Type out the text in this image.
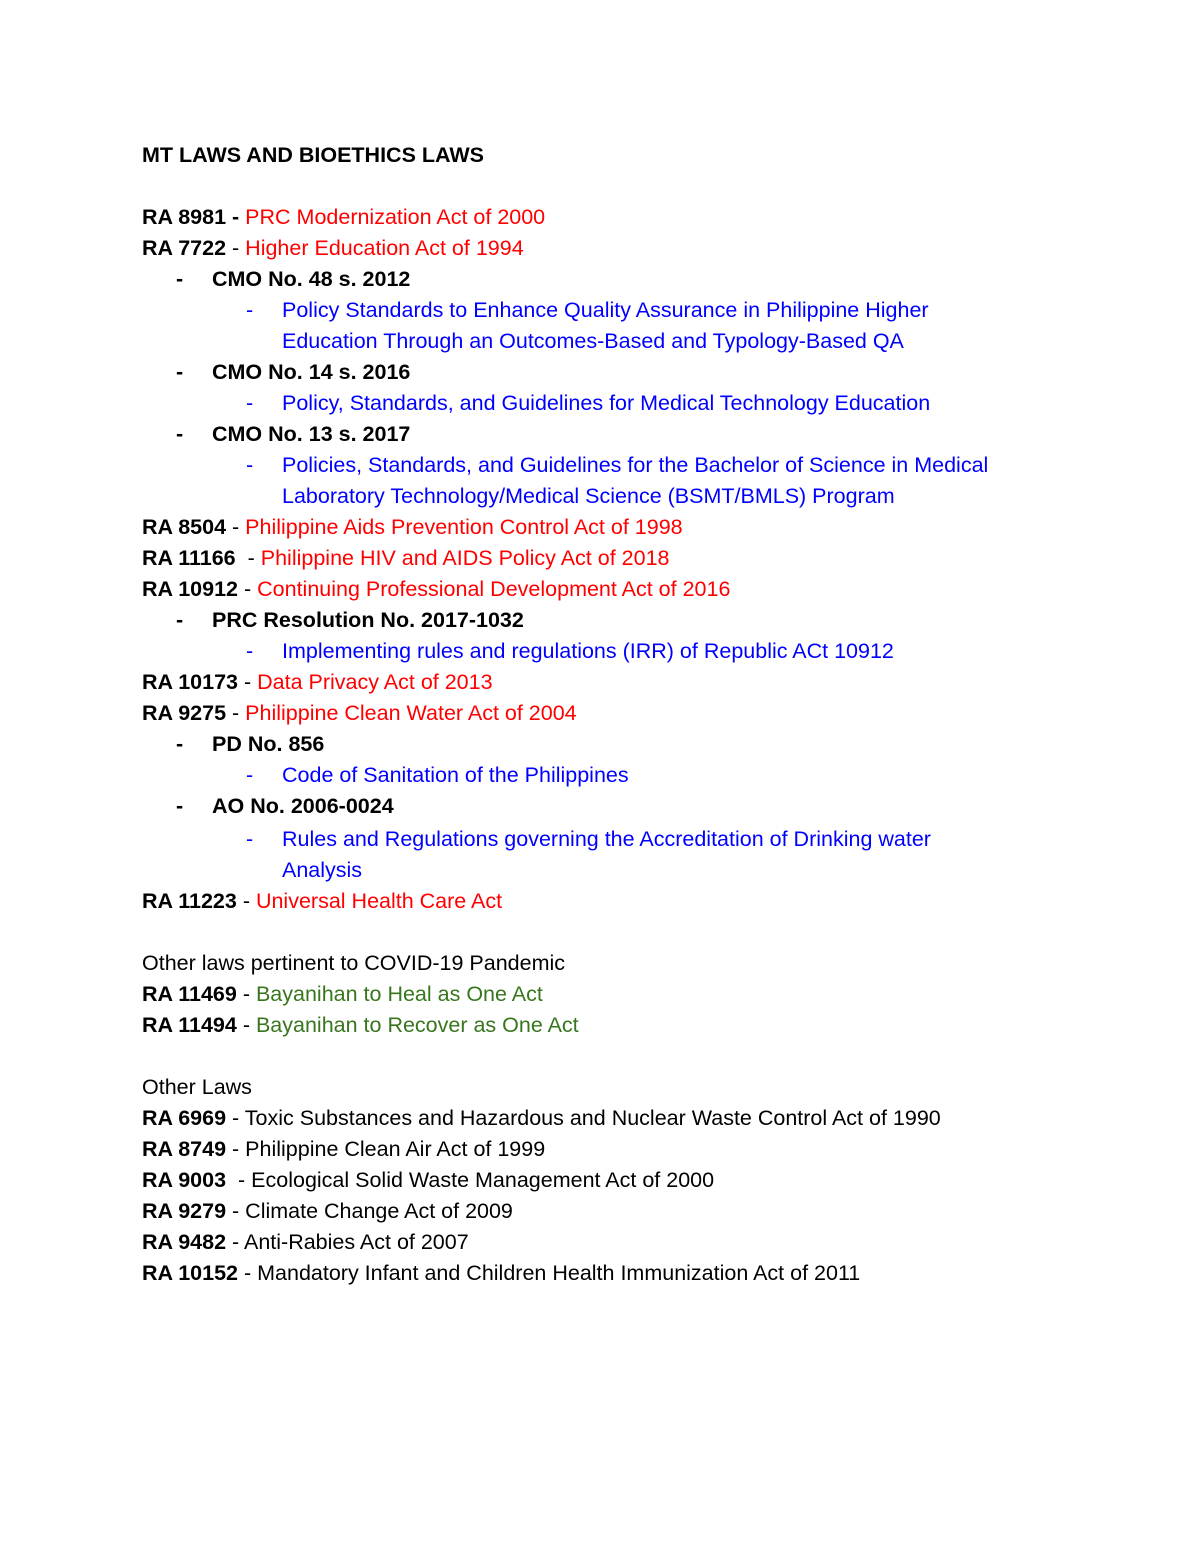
MT LAWS AND BIOETHICS LAWS
RA 8981 - PRC Modernization Act of 2000
RA 7722 - Higher Education Act of 1994
- CMO No. 48 s. 2012
- Policy Standards to Enhance Quality Assurance in Philippine Higher Education Through an Outcomes-Based and Typology-Based QA
- CMO No. 14 s. 2016
- Policy, Standards, and Guidelines for Medical Technology Education
- CMO No. 13 s. 2017
- Policies, Standards, and Guidelines for the Bachelor of Science in Medical Laboratory Technology/Medical Science (BSMT/BMLS) Program
RA 8504 - Philippine Aids Prevention Control Act of 1998
RA 11166  - Philippine HIV and AIDS Policy Act of 2018
RA 10912 - Continuing Professional Development Act of 2016
- PRC Resolution No. 2017-1032
- Implementing rules and regulations (IRR) of Republic ACt 10912
RA 10173 - Data Privacy Act of 2013
RA 9275 - Philippine Clean Water Act of 2004
- PD No. 856
- Code of Sanitation of the Philippines
- AO No. 2006-0024
- Rules and Regulations governing the Accreditation of Drinking water Analysis
RA 11223 - Universal Health Care Act
Other laws pertinent to COVID-19 Pandemic
RA 11469 - Bayanihan to Heal as One Act
RA 11494 - Bayanihan to Recover as One Act
Other Laws
RA 6969 - Toxic Substances and Hazardous and Nuclear Waste Control Act of 1990
RA 8749 - Philippine Clean Air Act of 1999
RA 9003  - Ecological Solid Waste Management Act of 2000
RA 9279 - Climate Change Act of 2009
RA 9482 - Anti-Rabies Act of 2007
RA 10152 - Mandatory Infant and Children Health Immunization Act of 2011
